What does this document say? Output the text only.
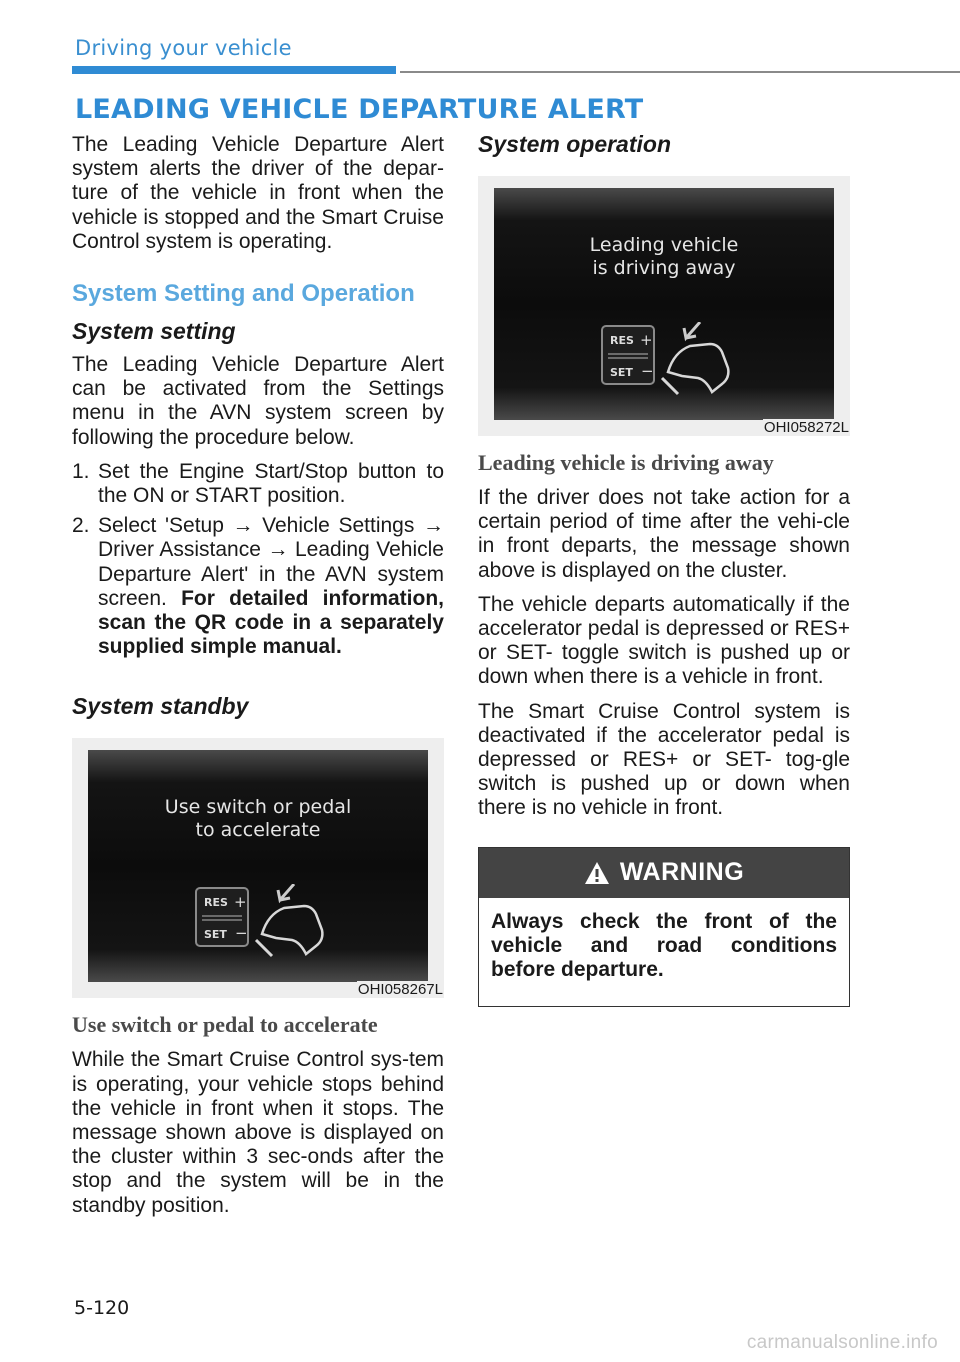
Driving your vehicle
LEADING VEHICLE DEPARTURE ALERT

The Leading Vehicle Departure Alert system alerts the driver of the depar-ture of the vehicle in front when the vehicle is stopped and the Smart Cruise Control system is operating.

System Setting and Operation
System setting

The Leading Vehicle Departure Alert can be activated from the Settings menu in the AVN system screen by following the procedure below.

1. Set the Engine Start/Stop button to the ON or START position.
2. Select 'Setup → Vehicle Settings → Driver Assistance → Leading Vehicle Departure Alert' in the AVN system screen. For detailed information, scan the QR code in a separately supplied simple manual.
System standby
Use switch or pedal
to accelerate
RES +
SET −
OHI058267L
Use switch or pedal to accelerate

While the Smart Cruise Control sys-tem is operating, your vehicle stops behind the vehicle in front when it stops. The message shown above is displayed on the cluster within 3 sec-onds after the stop and the system will be in the standby position.

System operation
Leading vehicle
is driving away
RES +
SET −
OHI058272L
Leading vehicle is driving away

If the driver does not take action for a certain period of time after the vehi-cle in front departs, the message shown above is displayed on the cluster.

The vehicle departs automatically if the accelerator pedal is depressed or RES+ or SET- toggle switch is pushed up or down when there is a vehicle in front.

The Smart Cruise Control system is deactivated if the accelerator pedal is depressed or RES+ or SET- tog-gle switch is pushed up or down when there is no vehicle in front.

WARNING
Always check the front of the vehicle and road conditions before departure.
5-120
carmanualsonline.info
